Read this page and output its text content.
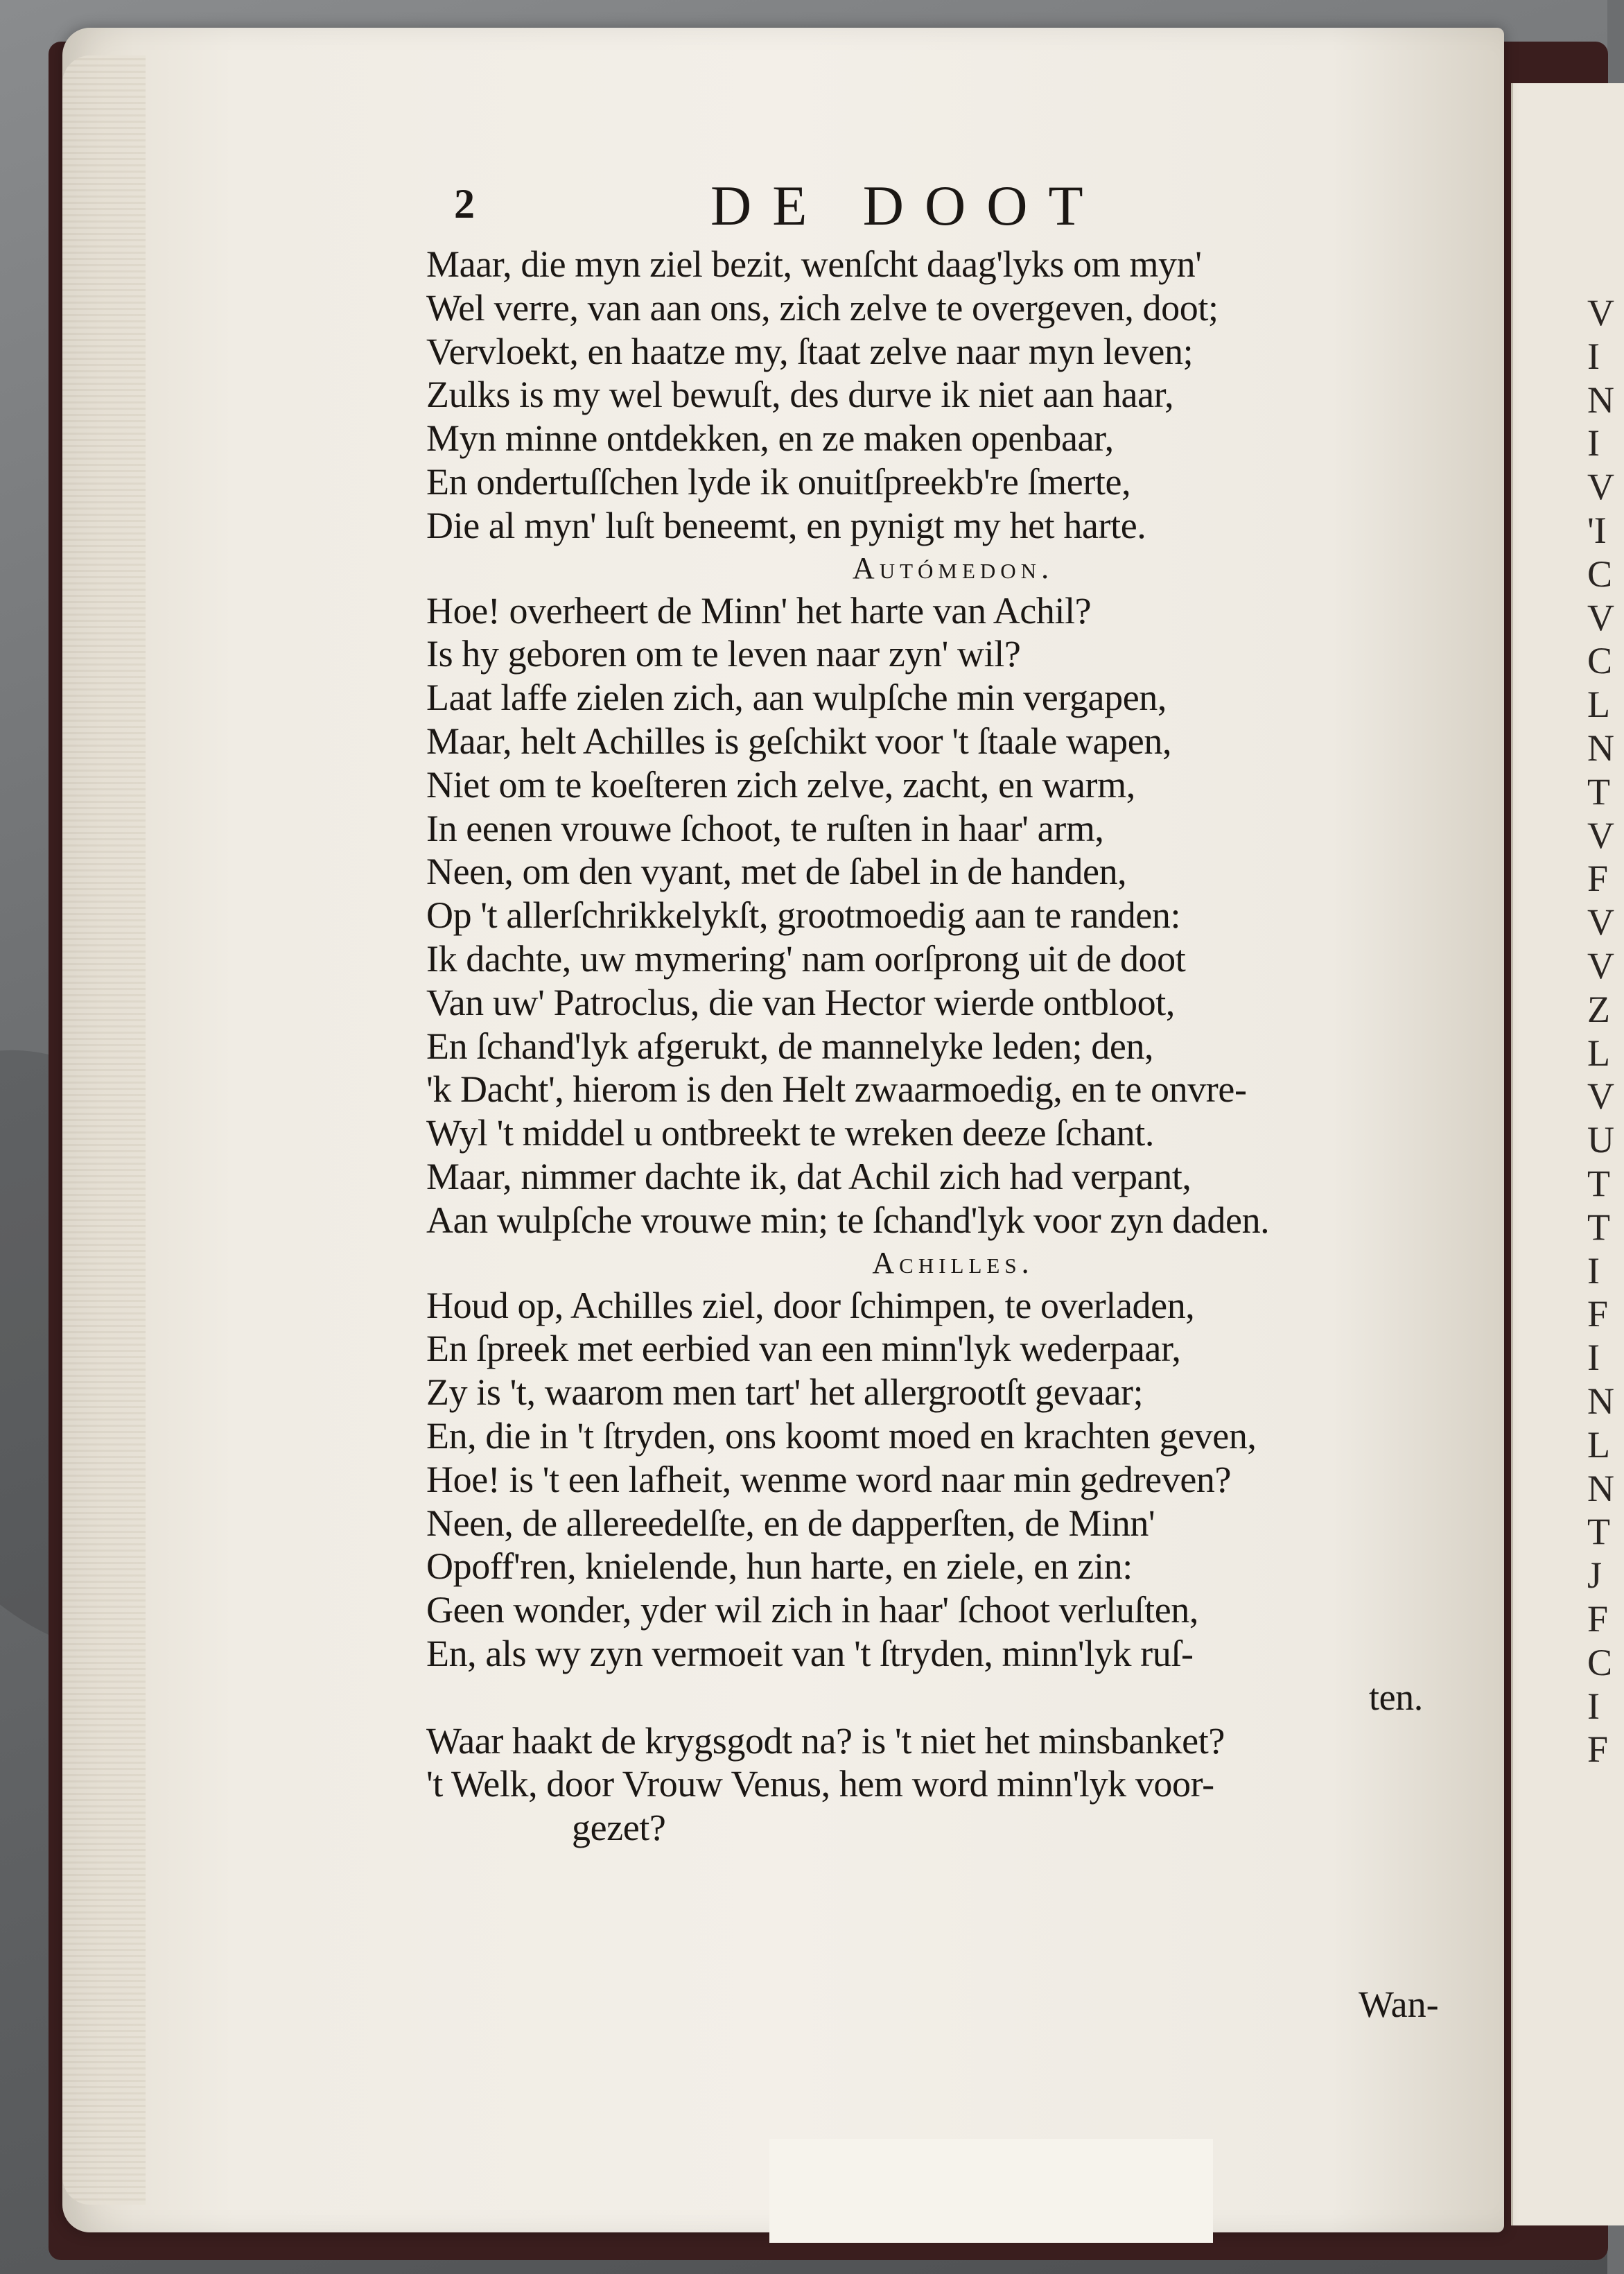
V
I
N
I
V
'I
C
V
C
L
N
T
V
F
V
V
Z
L
V
U
T
T
I
F
I
N
L
N
T
J
F
C
I
F
2	DE DOOT
Maar, die myn ziel bezit, wenſcht daag'lyks om myn'
Wel verre, van aan ons, zich zelve te overgeven, doot;
Vervloekt, en haatze my, ſtaat zelve naar myn leven;
Zulks is my wel bewuſt, des durve ik niet aan haar,
Myn minne ontdekken, en ze maken openbaar,
En ondertuſſchen lyde ik onuitſpreekb're ſmerte,
Die al myn' luſt beneemt, en pynigt my het harte.
Autómedon.
Hoe! overheert de Minn' het harte van Achil?
Is hy geboren om te leven naar zyn' wil?
Laat laffe zielen zich, aan wulpſche min vergapen,
Maar, helt Achilles is geſchikt voor 't ſtaale wapen,
Niet om te koeſteren zich zelve, zacht, en warm,
In eenen vrouwe ſchoot, te ruſten in haar' arm,
Neen, om den vyant, met de ſabel in de handen,
Op 't allerſchrikkelykſt, grootmoedig aan te randen:
Ik dachte, uw mymering' nam oorſprong uit de doot
Van uw' Patroclus, die van Hector wierde ontbloot,
En ſchand'lyk afgerukt, de mannelyke leden; den,
'k Dacht', hierom is den Helt zwaarmoedig, en te onvre-
Wyl 't middel u ontbreekt te wreken deeze ſchant.
Maar, nimmer dachte ik, dat Achil zich had verpant,
Aan wulpſche vrouwe min; te ſchand'lyk voor zyn daden.
Achilles.
Houd op, Achilles ziel, door ſchimpen, te overladen,
En ſpreek met eerbied van een minn'lyk wederpaar,
Zy is 't, waarom men tart' het allergrootſt gevaar;
En, die in 't ſtryden, ons koomt moed en krachten geven,
Hoe! is 't een lafheit, wenme word naar min gedreven?
Neen, de allereedelſte, en de dapperſten, de Minn'
Opoff'ren, knielende, hun harte, en ziele, en zin:
Geen wonder, yder wil zich in haar' ſchoot verluſten,
En, als wy zyn vermoeit van 't ſtryden, minn'lyk ruſ-
ten.
Waar haakt de krygsgodt na? is 't niet het minsbanket?
't Welk, door Vrouw Venus, hem word minn'lyk voor-
gezet?
Wan-
